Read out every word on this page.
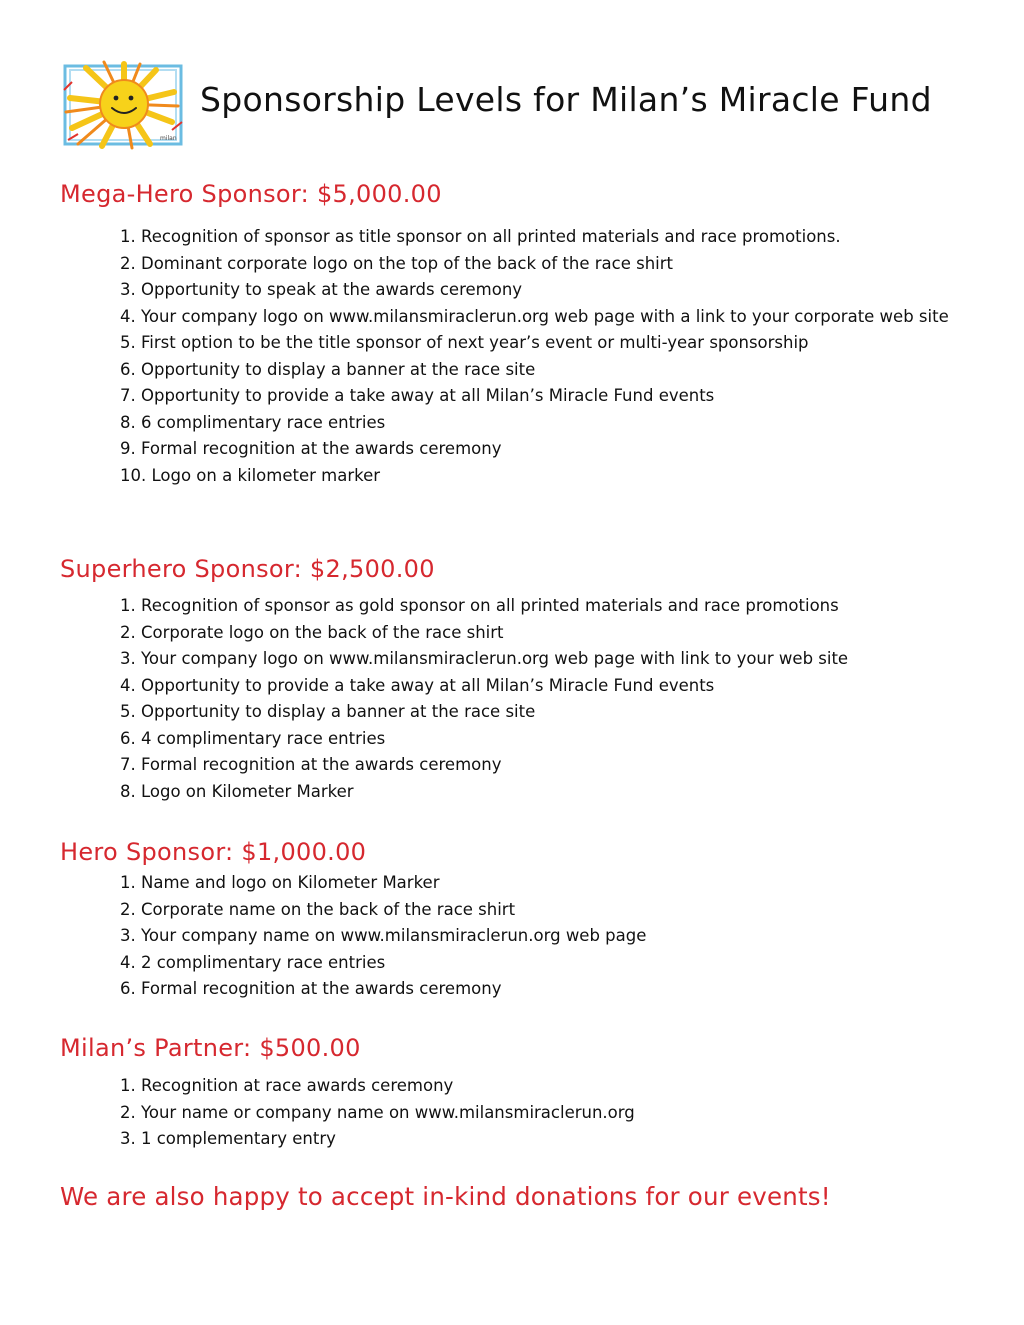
milan
Sponsorship Levels for Milan’s Miracle Fund
Mega-Hero Sponsor: $5,000.00
1. Recognition of sponsor as title sponsor on all printed materials and race promotions.
2. Dominant corporate logo on the top of the back of the race shirt
3. Opportunity to speak at the awards ceremony
4. Your company logo on www.milansmiraclerun.org web page with a link to your corporate web site
5. First option to be the title sponsor of next year’s event or multi-year sponsorship
6. Opportunity to display a banner at the race site
7. Opportunity to provide a take away at all Milan’s Miracle Fund events
8. 6 complimentary race entries
9. Formal recognition at the awards ceremony
10. Logo on a kilometer marker
Superhero Sponsor: $2,500.00
1. Recognition of sponsor as gold sponsor on all printed materials and race promotions
2. Corporate logo on the back of the race shirt
3. Your company logo on www.milansmiraclerun.org web page with link to your web site
4. Opportunity to provide a take away at all Milan’s Miracle Fund events
5. Opportunity to display a banner at the race site
6. 4 complimentary race entries
7. Formal recognition at the awards ceremony
8. Logo on Kilometer Marker
Hero Sponsor: $1,000.00
1. Name and logo on Kilometer Marker
2. Corporate name on the back of the race shirt
3. Your company name on www.milansmiraclerun.org web page
4. 2 complimentary race entries
6. Formal recognition at the awards ceremony
Milan’s Partner: $500.00
1. Recognition at race awards ceremony
2. Your name or company name on www.milansmiraclerun.org
3. 1 complementary entry
We are also happy to accept in-kind donations for our events!
